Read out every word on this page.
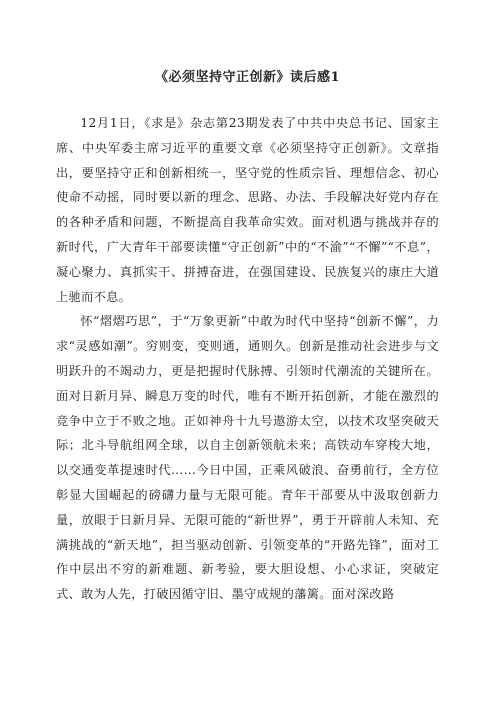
《必须坚持守正创新》读后感1

12月1日，《求是》杂志第23期发表了中共中央总书记、国家主席、中央军委主席习近平的重要文章《必须坚持守正创新》。文章指出，要坚持守正和创新相统一，坚守党的性质宗旨、理想信念、初心使命不动摇，同时要以新的理念、思路、办法、手段解决好党内存在的各种矛盾和问题，不断提高自我革命实效。面对机遇与挑战并存的新时代，广大青年干部要读懂“守正创新”中的“不渝”“不懈”“不息”，凝心聚力、真抓实干、拼搏奋进，在强国建设、民族复兴的康庄大道上驰而不息。

怀“熠熠巧思”，于“万象更新”中敢为时代中坚持“创新不懈”，力求“灵感如潮”。穷则变，变则通，通则久。创新是推动社会进步与文明跃升的不竭动力，更是把握时代脉搏、引领时代潮流的关键所在。面对日新月异、瞬息万变的时代，唯有不断开拓创新，才能在激烈的竞争中立于不败之地。正如神舟十九号遨游太空，以技术攻坚突破天际；北斗导航组网全球，以自主创新领航未来；高铁动车穿梭大地，以交通变革提速时代……今日中国，正乘风破浪、奋勇前行，全方位彰显大国崛起的磅礴力量与无限可能。青年干部要从中汲取创新力量，放眼于日新月异、无限可能的“新世界”，勇于开辟前人未知、充满挑战的“新天地”，担当驱动创新、引领变革的“开路先锋”，面对工作中层出不穷的新难题、新考验，要大胆设想、小心求证，突破定式、敢为人先，打破因循守旧、墨守成规的藩篱。面对深改路
